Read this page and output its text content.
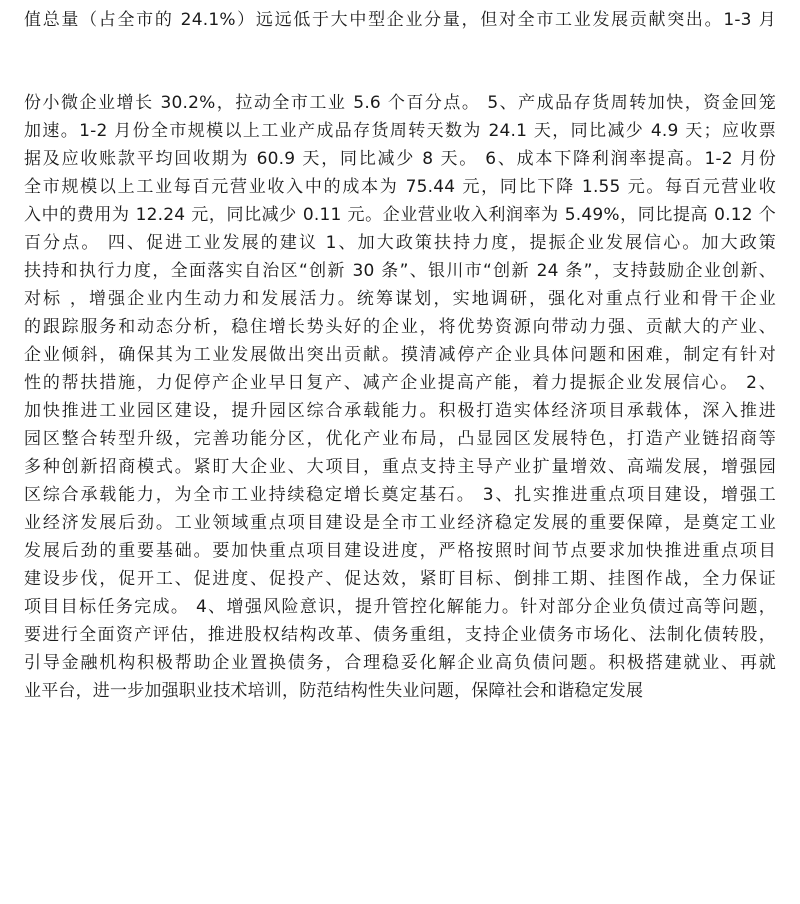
值总量（占全市的 24.1%）远远低于大中型企业分量，但对全市工业发展贡献突出。1-3 月
份小微企业增长 30.2%，拉动全市工业 5.6 个百分点。 5、产成品存货周转加快，资金回笼
加速。1-2 月份全市规模以上工业产成品存货周转天数为 24.1 天，同比减少 4.9 天；应收票
据及应收账款平均回收期为 60.9 天，同比减少 8 天。 6、成本下降利润率提高。1-2 月份
全市规模以上工业每百元营业收入中的成本为 75.44 元，同比下降 1.55 元。每百元营业收
入中的费用为 12.24 元，同比减少 0.11 元。企业营业收入利润率为 5.49%，同比提高 0.12 个
百分点。 四、促进工业发展的建议 1、加大政策扶持力度，提振企业发展信心。加大政策
扶持和执行力度，全面落实自治区“创新 30 条”、银川市“创新 24 条”，支持鼓励企业创新、
对标 ，增强企业内生动力和发展活力。统筹谋划，实地调研，强化对重点行业和骨干企业
的跟踪服务和动态分析，稳住增长势头好的企业，将优势资源向带动力强、贡献大的产业、
企业倾斜，确保其为工业发展做出突出贡献。摸清减停产企业具体问题和困难，制定有针对
性的帮扶措施，力促停产企业早日复产、减产企业提高产能，着力提振企业发展信心。 2、
加快推进工业园区建设，提升园区综合承载能力。积极打造实体经济项目承载体，深入推进
园区整合转型升级，完善功能分区，优化产业布局，凸显园区发展特色，打造产业链招商等
多种创新招商模式。紧盯大企业、大项目，重点支持主导产业扩量增效、高端发展，增强园
区综合承载能力，为全市工业持续稳定增长奠定基石。 3、扎实推进重点项目建设，增强工
业经济发展后劲。工业领域重点项目建设是全市工业经济稳定发展的重要保障，是奠定工业
发展后劲的重要基础。要加快重点项目建设进度，严格按照时间节点要求加快推进重点项目
建设步伐，促开工、促进度、促投产、促达效，紧盯目标、倒排工期、挂图作战，全力保证
项目目标任务完成。 4、增强风险意识，提升管控化解能力。针对部分企业负债过高等问题，
要进行全面资产评估，推进股权结构改革、债务重组，支持企业债务市场化、法制化债转股，
引导金融机构积极帮助企业置换债务，合理稳妥化解企业高负债问题。积极搭建就业、再就
业平台，进一步加强职业技术培训，防范结构性失业问题，保障社会和谐稳定发展
